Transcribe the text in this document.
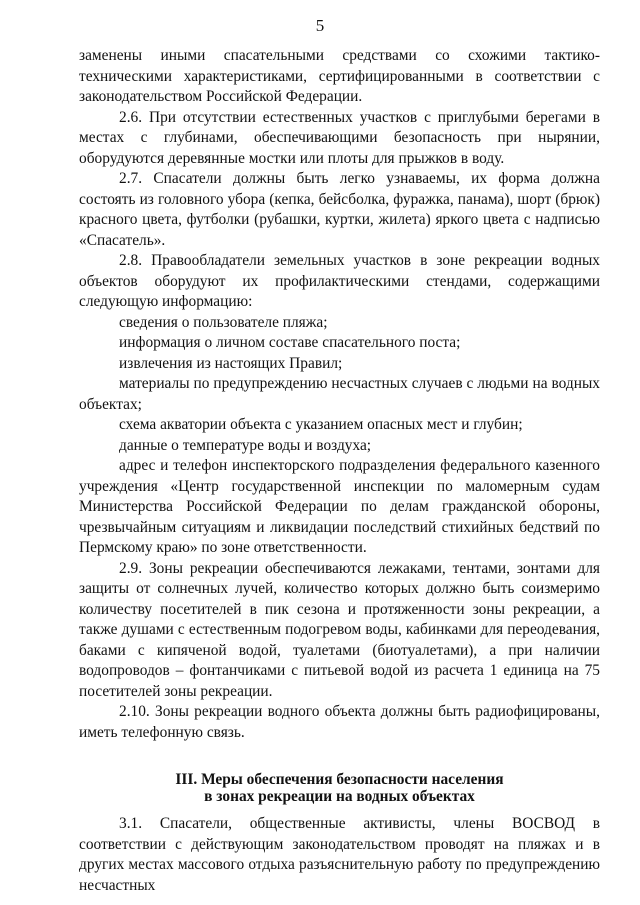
5

заменены иными спасательными средствами со схожими тактико-техническими характеристиками, сертифицированными в соответствии с законодательством Российской Федерации.

2.6. При отсутствии естественных участков с приглубыми берегами в местах с глубинами, обеспечивающими безопасность при нырянии, оборудуются деревянные мостки или плоты для прыжков в воду.

2.7. Спасатели должны быть легко узнаваемы, их форма должна состоять из головного убора (кепка, бейсболка, фуражка, панама), шорт (брюк) красного цвета, футболки (рубашки, куртки, жилета) яркого цвета с надписью «Спасатель».

2.8. Правообладатели земельных участков в зоне рекреации водных объектов оборудуют их профилактическими стендами, содержащими следующую информацию:

сведения о пользователе пляжа;

информация о личном составе спасательного поста;

извлечения из настоящих Правил;

материалы по предупреждению несчастных случаев с людьми на водных объектах;

схема акватории объекта с указанием опасных мест и глубин;

данные о температуре воды и воздуха;

адрес и телефон инспекторского подразделения федерального казенного учреждения «Центр государственной инспекции по маломерным судам Министерства Российской Федерации по делам гражданской обороны, чрезвычайным ситуациям и ликвидации последствий стихийных бедствий по Пермскому краю» по зоне ответственности.

2.9. Зоны рекреации обеспечиваются лежаками, тентами, зонтами для защиты от солнечных лучей, количество которых должно быть соизмеримо количеству посетителей в пик сезона и протяженности зоны рекреации, а также душами с естественным подогревом воды, кабинками для переодевания, баками с кипяченой водой, туалетами (биотуалетами), а при наличии водопроводов – фонтанчиками с питьевой водой из расчета 1 единица на 75 посетителей зоны рекреации.

2.10. Зоны рекреации водного объекта должны быть радиофицированы, иметь телефонную связь.

III. Меры обеспечения безопасности населения
в зонах рекреации на водных объектах

3.1. Спасатели, общественные активисты, члены ВОСВОД в соответствии с действующим законодательством проводят на пляжах и в других местах массового отдыха разъяснительную работу по предупреждению несчастных
